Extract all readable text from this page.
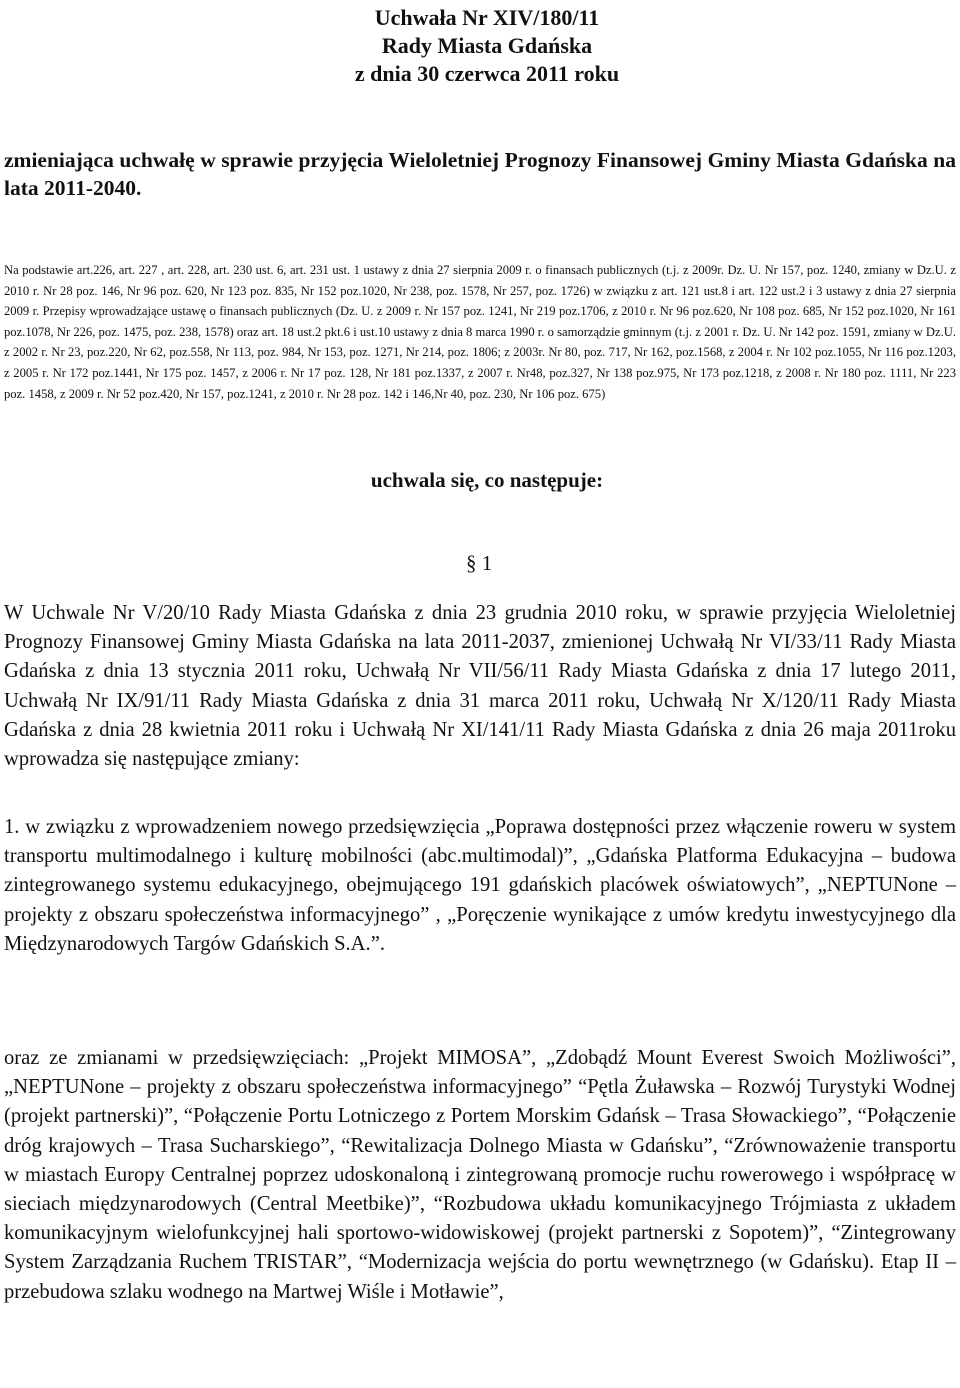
Uchwała Nr XIV/180/11
Rady Miasta Gdańska
z dnia 30 czerwca 2011 roku
zmieniająca uchwałę w sprawie przyjęcia Wieloletniej Prognozy Finansowej Gminy Miasta Gdańska na lata 2011-2040.
Na podstawie art.226, art. 227 , art. 228, art. 230 ust. 6, art. 231 ust. 1 ustawy z dnia 27 sierpnia 2009 r. o finansach publicznych (t.j. z 2009r. Dz. U. Nr 157, poz. 1240, zmiany w Dz.U. z 2010 r. Nr 28 poz. 146, Nr 96 poz. 620, Nr 123 poz. 835, Nr 152 poz.1020, Nr 238, poz. 1578, Nr 257, poz. 1726) w związku z art. 121 ust.8 i art. 122 ust.2 i 3 ustawy z dnia 27 sierpnia 2009 r. Przepisy wprowadzające ustawę o finansach publicznych (Dz. U. z 2009 r. Nr 157 poz. 1241, Nr 219 poz.1706, z 2010 r. Nr 96 poz.620, Nr 108 poz. 685, Nr 152 poz.1020, Nr 161 poz.1078, Nr 226, poz. 1475, poz. 238, 1578) oraz art. 18 ust.2 pkt.6 i ust.10 ustawy z dnia 8 marca 1990 r. o samorządzie gminnym (t.j. z 2001 r. Dz. U. Nr 142 poz. 1591, zmiany w Dz.U. z 2002 r. Nr 23, poz.220, Nr 62, poz.558, Nr 113, poz. 984, Nr 153, poz. 1271, Nr 214, poz. 1806; z 2003r. Nr 80, poz. 717, Nr 162, poz.1568, z 2004 r. Nr 102 poz.1055, Nr 116 poz.1203, z 2005 r. Nr 172 poz.1441, Nr 175 poz. 1457, z 2006 r. Nr 17 poz. 128, Nr 181 poz.1337, z 2007 r. Nr48, poz.327, Nr 138 poz.975, Nr 173 poz.1218, z 2008 r. Nr 180 poz. 1111, Nr 223 poz. 1458, z 2009 r. Nr 52 poz.420, Nr 157, poz.1241, z 2010 r. Nr 28 poz. 142 i 146,Nr 40, poz. 230, Nr 106 poz. 675)
uchwala się, co następuje:
§ 1
W Uchwale Nr V/20/10 Rady Miasta Gdańska z dnia 23 grudnia 2010 roku, w sprawie przyjęcia Wieloletniej Prognozy Finansowej Gminy Miasta Gdańska na lata 2011-2037, zmienionej Uchwałą Nr VI/33/11 Rady Miasta Gdańska z dnia 13 stycznia 2011 roku, Uchwałą Nr VII/56/11 Rady Miasta Gdańska z dnia 17 lutego 2011, Uchwałą Nr IX/91/11 Rady Miasta Gdańska z dnia 31 marca 2011 roku, Uchwałą Nr X/120/11 Rady Miasta Gdańska z dnia 28 kwietnia 2011 roku i Uchwałą Nr XI/141/11 Rady Miasta Gdańska z dnia 26 maja 2011roku wprowadza się następujące zmiany:
1. w związku z wprowadzeniem nowego przedsięwzięcia „Poprawa dostępności przez włączenie roweru w system transportu multimodalnego i kulturę mobilności (abc.multimodal)”, „Gdańska Platforma Edukacyjna – budowa zintegrowanego systemu edukacyjnego, obejmującego 191 gdańskich placówek oświatowych”, „NEPTUNone – projekty z obszaru społeczeństwa informacyjnego” , „Poręczenie wynikające z umów kredytu inwestycyjnego dla Międzynarodowych Targów Gdańskich S.A.”.
oraz ze zmianami w przedsięwzięciach: „Projekt MIMOSA”, „Zdobądź Mount Everest Swoich Możliwości”, „NEPTUNone – projekty z obszaru społeczeństwa informacyjnego” “Pętla Żuławska – Rozwój Turystyki Wodnej (projekt partnerski)”, “Połączenie Portu Lotniczego z Portem Morskim Gdańsk – Trasa Słowackiego”, “Połączenie dróg krajowych – Trasa Sucharskiego”, “Rewitalizacja Dolnego Miasta w Gdańsku”, “Zrównoważenie transportu w miastach Europy Centralnej poprzez udoskonaloną i zintegrowaną promocje ruchu rowerowego i współpracę w sieciach międzynarodowych (Central Meetbike)”, “Rozbudowa układu komunikacyjnego Trójmiasta z układem komunikacyjnym wielofunkcyjnej hali sportowo-widowiskowej (projekt partnerski z Sopotem)”, “Zintegrowany System Zarządzania Ruchem TRISTAR”, “Modernizacja wejścia do portu wewnętrznego (w Gdańsku). Etap II – przebudowa szlaku wodnego na Martwej Wiśle i Motławie”,
